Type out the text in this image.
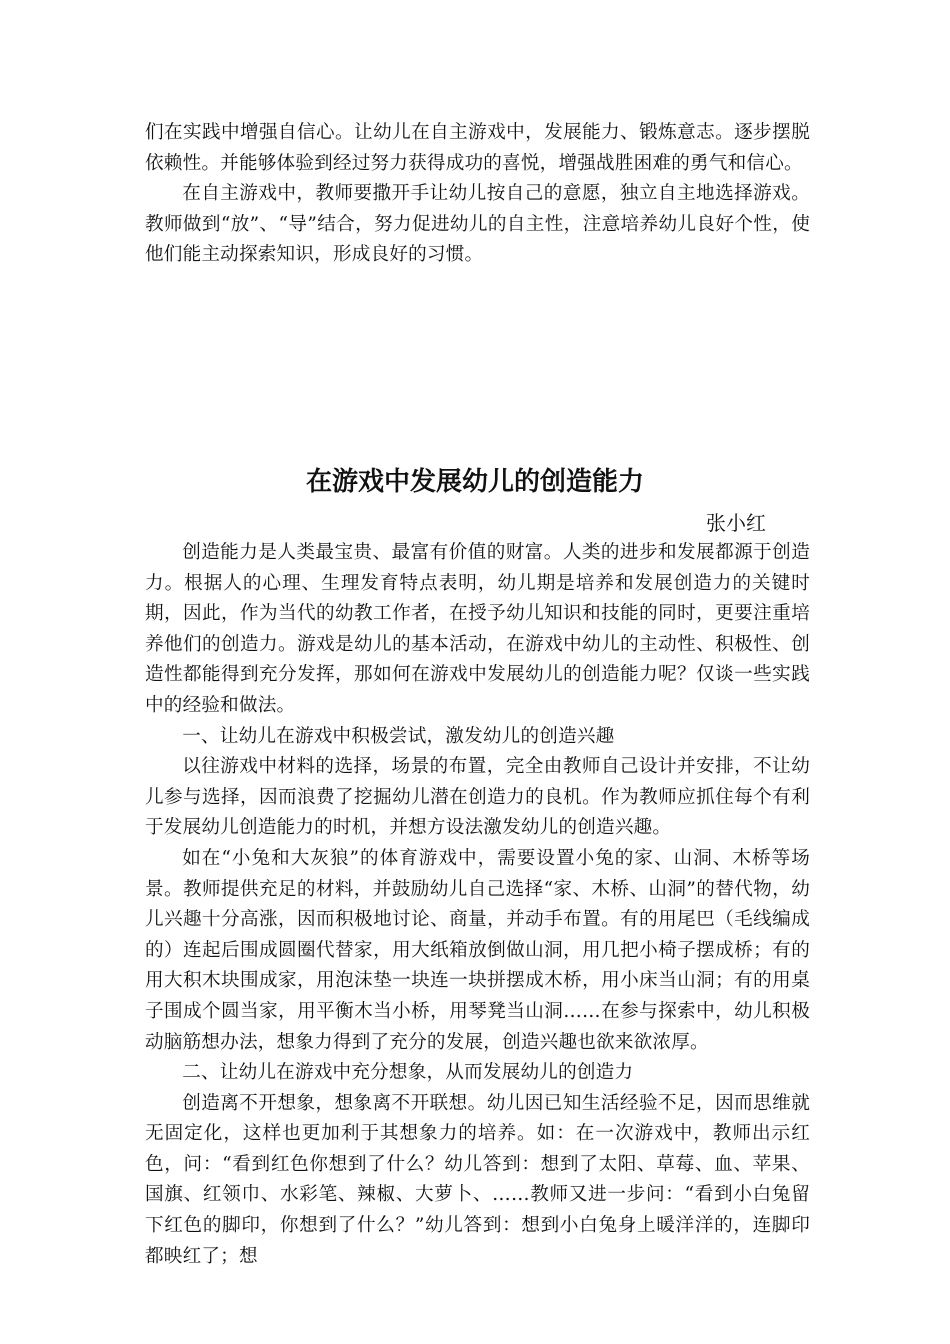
们在实践中增强自信心。让幼儿在自主游戏中，发展能力、锻炼意志。逐步摆脱依赖性。并能够体验到经过努力获得成功的喜悦，增强战胜困难的勇气和信心。

在自主游戏中，教师要撒开手让幼儿按自己的意愿，独立自主地选择游戏。教师做到“放”、“导”结合，努力促进幼儿的自主性，注意培养幼儿良好个性，使他们能主动探索知识，形成良好的习惯。

在游戏中发展幼儿的创造能力

张小红

创造能力是人类最宝贵、最富有价值的财富。人类的进步和发展都源于创造力。根据人的心理、生理发育特点表明，幼儿期是培养和发展创造力的关键时期，因此，作为当代的幼教工作者，在授予幼儿知识和技能的同时，更要注重培养他们的创造力。游戏是幼儿的基本活动，在游戏中幼儿的主动性、积极性、创造性都能得到充分发挥，那如何在游戏中发展幼儿的创造能力呢？仅谈一些实践中的经验和做法。

一、让幼儿在游戏中积极尝试，激发幼儿的创造兴趣

以往游戏中材料的选择，场景的布置，完全由教师自己设计并安排，不让幼儿参与选择，因而浪费了挖掘幼儿潜在创造力的良机。作为教师应抓住每个有利于发展幼儿创造能力的时机，并想方设法激发幼儿的创造兴趣。

如在“小兔和大灰狼”的体育游戏中，需要设置小兔的家、山洞、木桥等场景。教师提供充足的材料，并鼓励幼儿自己选择“家、木桥、山洞”的替代物，幼儿兴趣十分高涨，因而积极地讨论、商量，并动手布置。有的用尾巴（毛线编成的）连起后围成圆圈代替家，用大纸箱放倒做山洞，用几把小椅子摆成桥；有的用大积木块围成家，用泡沫垫一块连一块拼摆成木桥，用小床当山洞；有的用桌子围成个圆当家，用平衡木当小桥，用琴凳当山洞……在参与探索中，幼儿积极动脑筋想办法，想象力得到了充分的发展，创造兴趣也欲来欲浓厚。

二、让幼儿在游戏中充分想象，从而发展幼儿的创造力

创造离不开想象，想象离不开联想。幼儿因已知生活经验不足，因而思维就无固定化，这样也更加利于其想象力的培养。如：在一次游戏中，教师出示红色，问：“看到红色你想到了什么？幼儿答到：想到了太阳、草莓、血、苹果、国旗、红领巾、水彩笔、辣椒、大萝卜、……教师又进一步问：“看到小白兔留下红色的脚印，你想到了什么？”幼儿答到：想到小白兔身上暖洋洋的，连脚印都映红了；想
